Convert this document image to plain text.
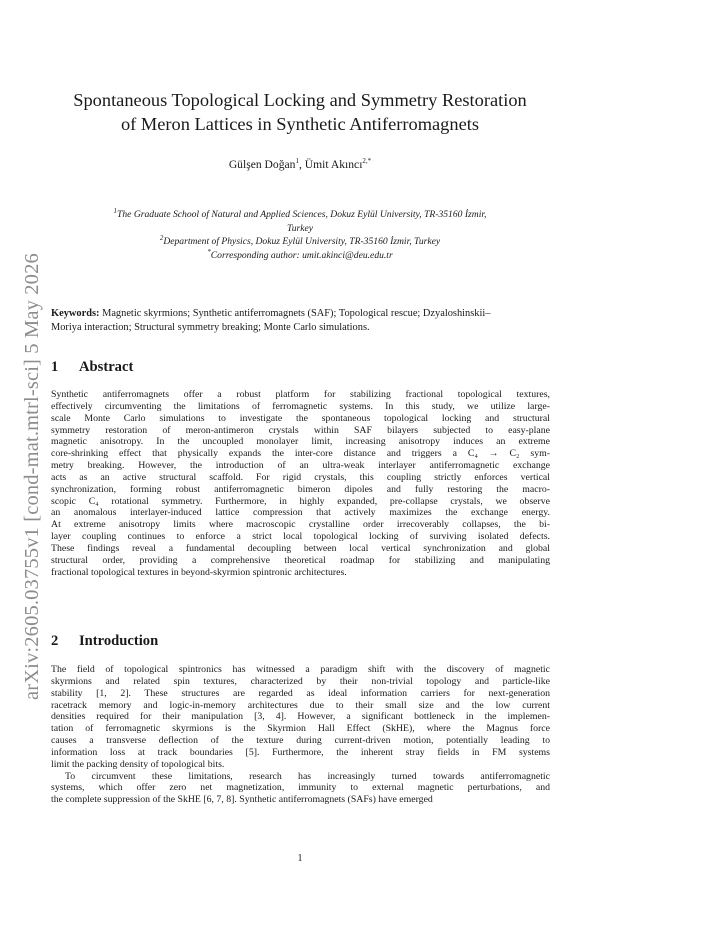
arXiv:2605.03755v1 [cond-mat.mtrl-sci] 5 May 2026
Spontaneous Topological Locking and Symmetry Restoration
of Meron Lattices in Synthetic Antiferromagnets
Gülşen Doğan$^1$, Ümit Akıncı$^{2,*}$
$^1$The Graduate School of Natural and Applied Sciences, Dokuz Eylül University, TR-35160 İzmir,
Turkey
$^2$Department of Physics, Dokuz Eylül University, TR-35160 İzmir, Turkey
*Corresponding author: umit.akinci@deu.edu.tr
Keywords: Magnetic skyrmions; Synthetic antiferromagnets (SAF); Topological rescue; Dzyaloshinskii–
Moriya interaction; Structural symmetry breaking; Monte Carlo simulations.
1 Abstract
Synthetic antiferromagnets offer a robust platform for stabilizing fractional topological textures,
effectively circumventing the limitations of ferromagnetic systems. In this study, we utilize large-
scale Monte Carlo simulations to investigate the spontaneous topological locking and structural
symmetry restoration of meron-antimeron crystals within SAF bilayers subjected to easy-plane
magnetic anisotropy. In the uncoupled monolayer limit, increasing anisotropy induces an extreme
core-shrinking effect that physically expands the inter-core distance and triggers a C₄ → C₂ sym-
metry breaking. However, the introduction of an ultra-weak interlayer antiferromagnetic exchange
acts as an active structural scaffold. For rigid crystals, this coupling strictly enforces vertical
synchronization, forming robust antiferromagnetic bimeron dipoles and fully restoring the macro-
scopic C₄ rotational symmetry. Furthermore, in highly expanded, pre-collapse crystals, we observe
an anomalous interlayer-induced lattice compression that actively maximizes the exchange energy.
At extreme anisotropy limits where macroscopic crystalline order irrecoverably collapses, the bi-
layer coupling continues to enforce a strict local topological locking of surviving isolated defects.
These findings reveal a fundamental decoupling between local vertical synchronization and global
structural order, providing a comprehensive theoretical roadmap for stabilizing and manipulating
fractional topological textures in beyond-skyrmion spintronic architectures.
2 Introduction
The field of topological spintronics has witnessed a paradigm shift with the discovery of magnetic
skyrmions and related spin textures, characterized by their non-trivial topology and particle-like
stability [1, 2]. These structures are regarded as ideal information carriers for next-generation
racetrack memory and logic-in-memory architectures due to their small size and the low current
densities required for their manipulation [3, 4]. However, a significant bottleneck in the implemen-
tation of ferromagnetic skyrmions is the Skyrmion Hall Effect (SkHE), where the Magnus force
causes a transverse deflection of the texture during current-driven motion, potentially leading to
information loss at track boundaries [5]. Furthermore, the inherent stray fields in FM systems
limit the packing density of topological bits.
To circumvent these limitations, research has increasingly turned towards antiferromagnetic
systems, which offer zero net magnetization, immunity to external magnetic perturbations, and
the complete suppression of the SkHE [6, 7, 8]. Synthetic antiferromagnets (SAFs) have emerged
1
